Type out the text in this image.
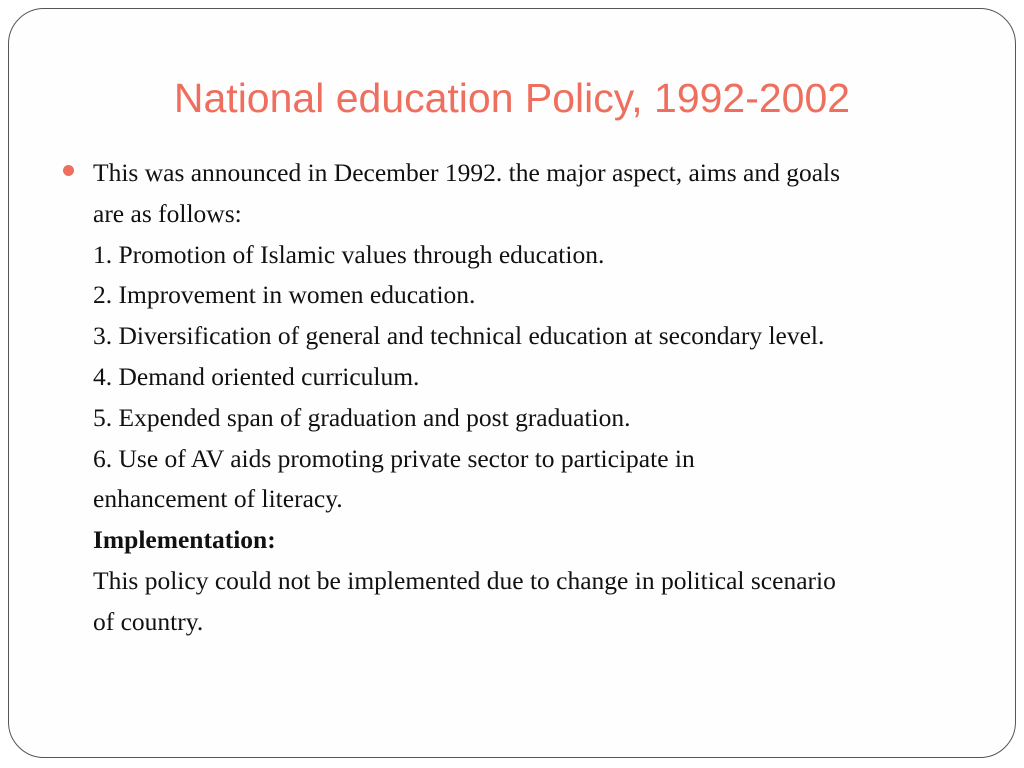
National education Policy, 1992-2002
This was announced in December 1992. the major aspect, aims and goals
are as follows:
1. Promotion of Islamic values through education.
2. Improvement in women education.
3. Diversification of general and technical education at secondary level.
4. Demand oriented curriculum.
5. Expended span of graduation and post graduation.
6. Use of AV aids promoting private sector to participate in
enhancement of literacy.
Implementation:
This policy could not be implemented due to change in political scenario
of country.
